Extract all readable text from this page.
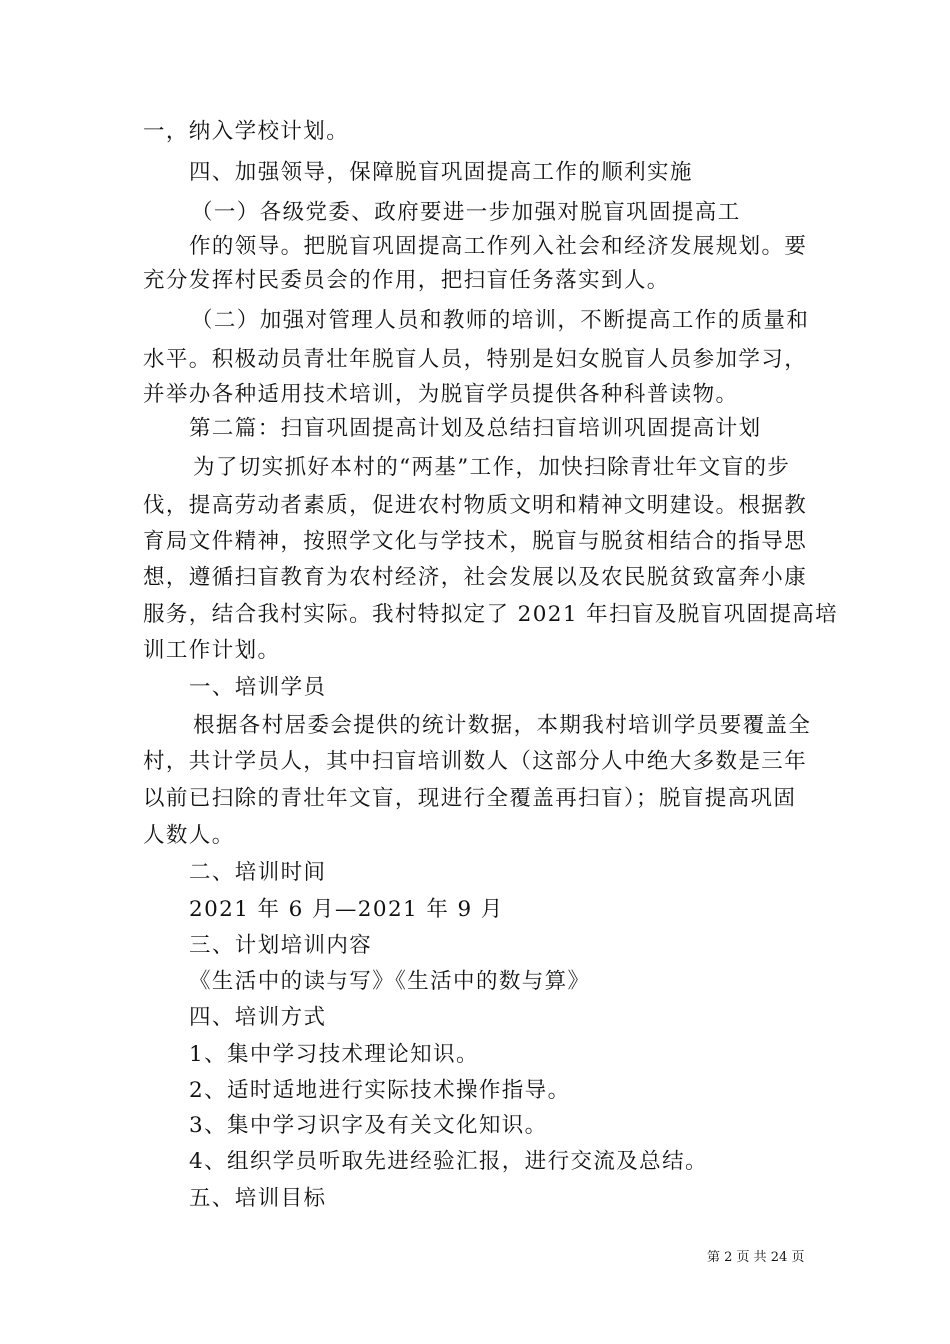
一，纳入学校计划。
四、加强领导，保障脱盲巩固提高工作的顺利实施
（一）各级党委、政府要进一步加强对脱盲巩固提高工
作的领导。把脱盲巩固提高工作列入社会和经济发展规划。要
充分发挥村民委员会的作用，把扫盲任务落实到人。
（二）加强对管理人员和教师的培训，不断提高工作的质量和
水平。积极动员青壮年脱盲人员，特别是妇女脱盲人员参加学习，
并举办各种适用技术培训，为脱盲学员提供各种科普读物。
第二篇：扫盲巩固提高计划及总结扫盲培训巩固提高计划
为了切实抓好本村的“两基”工作，加快扫除青壮年文盲的步
伐，提高劳动者素质，促进农村物质文明和精神文明建设。根据教
育局文件精神，按照学文化与学技术，脱盲与脱贫相结合的指导思
想，遵循扫盲教育为农村经济，社会发展以及农民脱贫致富奔小康
服务，结合我村实际。我村特拟定了 2021 年扫盲及脱盲巩固提高培
训工作计划。
一、培训学员
根据各村居委会提供的统计数据，本期我村培训学员要覆盖全
村，共计学员人，其中扫盲培训数人（这部分人中绝大多数是三年
以前已扫除的青壮年文盲，现进行全覆盖再扫盲）；脱盲提高巩固
人数人。
二、培训时间
2021 年 6 月—2021 年 9 月
三、计划培训内容
《生活中的读与写》《生活中的数与算》
四、培训方式
1、集中学习技术理论知识。
2、适时适地进行实际技术操作指导。
3、集中学习识字及有关文化知识。
4、组织学员听取先进经验汇报，进行交流及总结。
五、培训目标
第 2 页 共 24 页
